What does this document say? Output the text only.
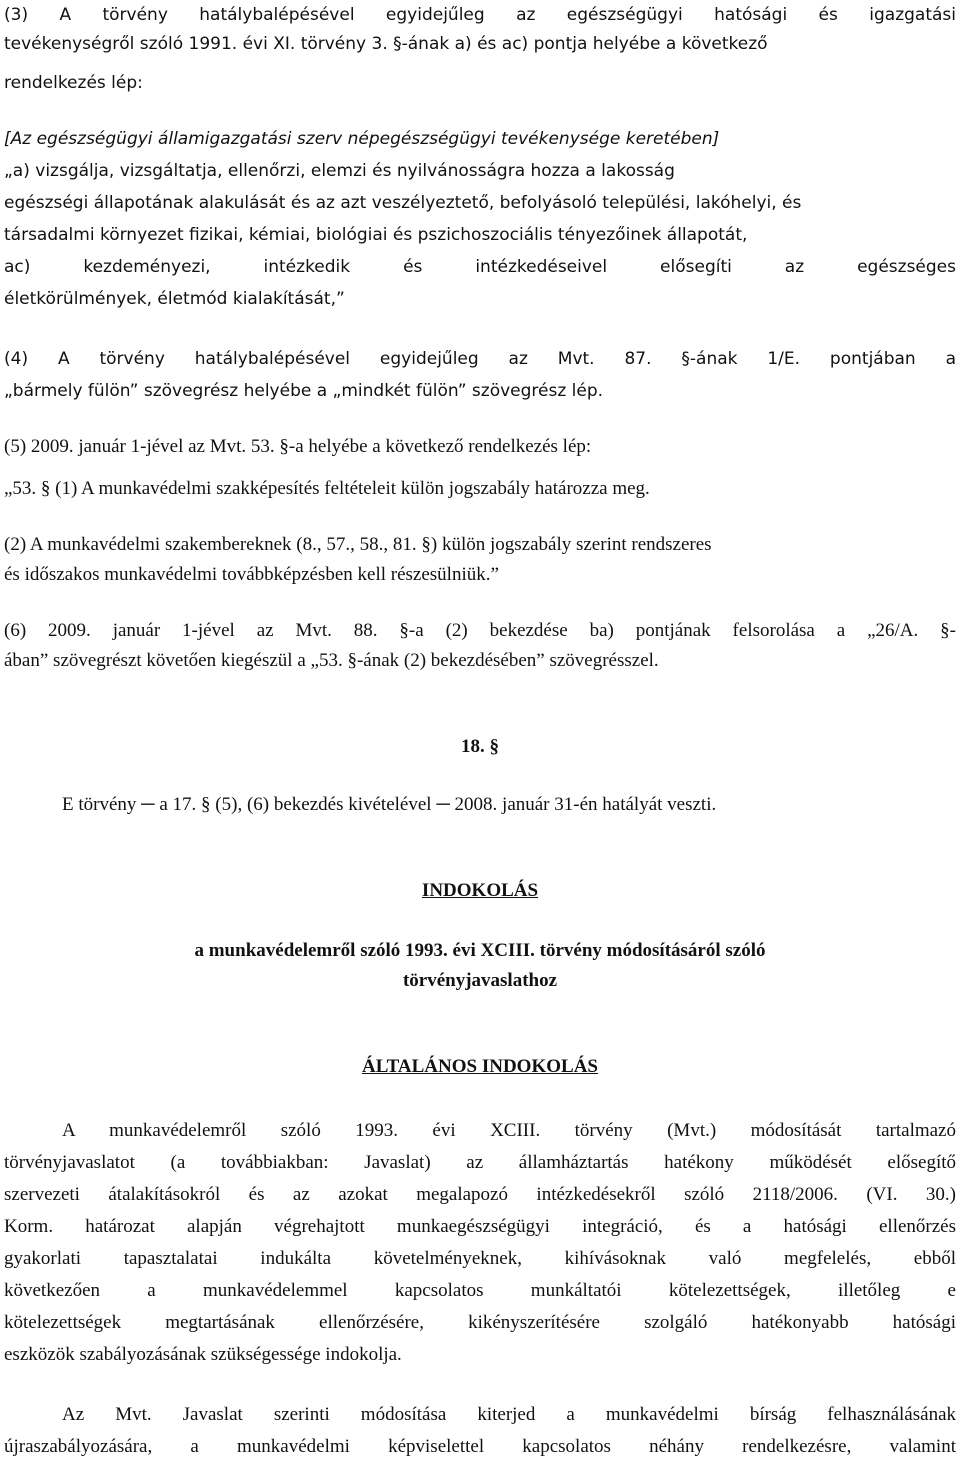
(3) A törvény hatálybalépésével egyidejűleg az egészségügyi hatósági és igazgatási
tevékenységről szóló 1991. évi XI. törvény 3. §-ának a) és ac) pontja helyébe a következő
rendelkezés lép:
[Az egészségügyi államigazgatási szerv népegészségügyi tevékenysége keretében]
„a) vizsgálja, vizsgáltatja, ellenőrzi, elemzi és nyilvánosságra hozza a lakosság
egészségi állapotának alakulását és az azt veszélyeztető, befolyásoló települési, lakóhelyi, és
társadalmi környezet fizikai, kémiai, biológiai és pszichoszociális tényezőinek állapotát,
ac) kezdeményezi, intézkedik és intézkedéseivel elősegíti az egészséges
életkörülmények, életmód kialakítását,”
(4) A törvény hatálybalépésével egyidejűleg az Mvt. 87. §-ának 1/E. pontjában a
„bármely fülön” szövegrész helyébe a „mindkét fülön” szövegrész lép.
(5) 2009. január 1-jével az Mvt. 53. §-a helyébe a következő rendelkezés lép:
„53. § (1) A munkavédelmi szakképesítés feltételeit külön jogszabály határozza meg.
(2) A munkavédelmi szakembereknek (8., 57., 58., 81. §) külön jogszabály szerint rendszeres
és időszakos munkavédelmi továbbképzésben kell részesülniük.”
(6) 2009. január 1-jével az Mvt. 88. §-a (2) bekezdése ba) pontjának felsorolása a „26/A. §-
ában” szövegrészt követően kiegészül a „53. §-ának (2) bekezdésében” szövegrésszel.
18. §
E törvény ─ a 17. § (5), (6) bekezdés kivételével ─ 2008. január 31-én hatályát veszti.
INDOKOLÁS
a munkavédelemről szóló 1993. évi XCIII. törvény módosításáról szóló
törvényjavaslathoz
ÁLTALÁNOS INDOKOLÁS
A munkavédelemről szóló 1993. évi XCIII. törvény (Mvt.) módosítását tartalmazó
törvényjavaslatot (a továbbiakban: Javaslat) az államháztartás hatékony működését elősegítő
szervezeti átalakításokról és az azokat megalapozó intézkedésekről szóló 2118/2006. (VI. 30.)
Korm. határozat alapján végrehajtott munkaegészségügyi integráció, és a hatósági ellenőrzés
gyakorlati tapasztalatai indukálta követelményeknek, kihívásoknak való megfelelés, ebből
következően a munkavédelemmel kapcsolatos munkáltatói kötelezettségek, illetőleg e
kötelezettségek megtartásának ellenőrzésére, kikényszerítésére szolgáló hatékonyabb hatósági
eszközök szabályozásának szükségessége indokolja.
Az Mvt. Javaslat szerinti módosítása kiterjed a munkavédelmi bírság felhasználásának
újraszabályozására, a munkavédelmi képviselettel kapcsolatos néhány rendelkezésre, valamint
